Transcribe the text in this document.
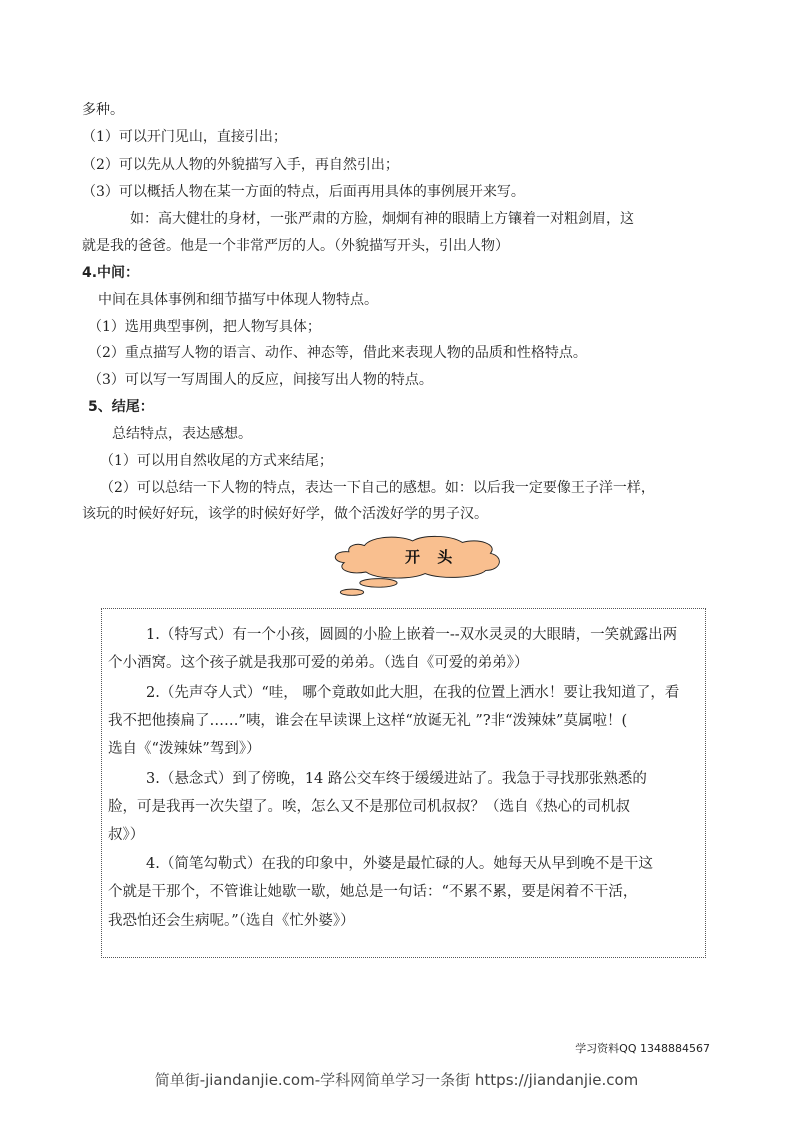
多种。
（1）可以开门见山，直接引出；
（2）可以先从人物的外貌描写入手，再自然引出；
（3）可以概括人物在某一方面的特点，后面再用具体的事例展开来写。
如：高大健壮的身材，一张严肃的方脸，炯炯有神的眼睛上方镶着一对粗剑眉，这
就是我的爸爸。他是一个非常严厉的人。（外貌描写开头，引出人物）
4.中间：
中间在具体事例和细节描写中体现人物特点。
（1）选用典型事例，把人物写具体；
（2）重点描写人物的语言、动作、神态等，借此来表现人物的品质和性格特点。
（3）可以写一写周围人的反应，间接写出人物的特点。
5、结尾：
总结特点，表达感想。
（1）可以用自然收尾的方式来结尾；
（2）可以总结一下人物的特点，表达一下自己的感想。如：以后我一定要像王子洋一样，
该玩的时候好好玩，该学的时候好好学，做个活泼好学的男子汉。
开 头
1.（特写式）有一个小孩，圆圆的小脸上嵌着一--双水灵灵的大眼睛，一笑就露出两
个小酒窝。这个孩子就是我那可爱的弟弟。（选自《可爱的弟弟》）
2.（先声夺人式）“哇， 哪个竟敢如此大胆，在我的位置上洒水！要让我知道了，看
我不把他揍扁了……”咦，谁会在早读课上这样“放诞无礼 ”?非“泼辣妹”莫属啦！(
选自《“泼辣妹”驾到》）
3.（悬念式）到了傍晚，14 路公交车终于缓缓进站了。我急于寻找那张熟悉的
脸，可是我再一次失望了。唉，怎么又不是那位司机叔叔？（选自《热心的司机叔
叔》）
4.（简笔勾勒式）在我的印象中，外婆是最忙碌的人。她每天从早到晚不是干这
个就是干那个，不管谁让她歇一歇，她总是一句话：“不累不累，要是闲着不干活，
我恐怕还会生病呢。”（选自《忙外婆》）
学习资料QQ 1348884567
简单街-jiandanjie.com-学科网简单学习一条街 https://jiandanjie.com
